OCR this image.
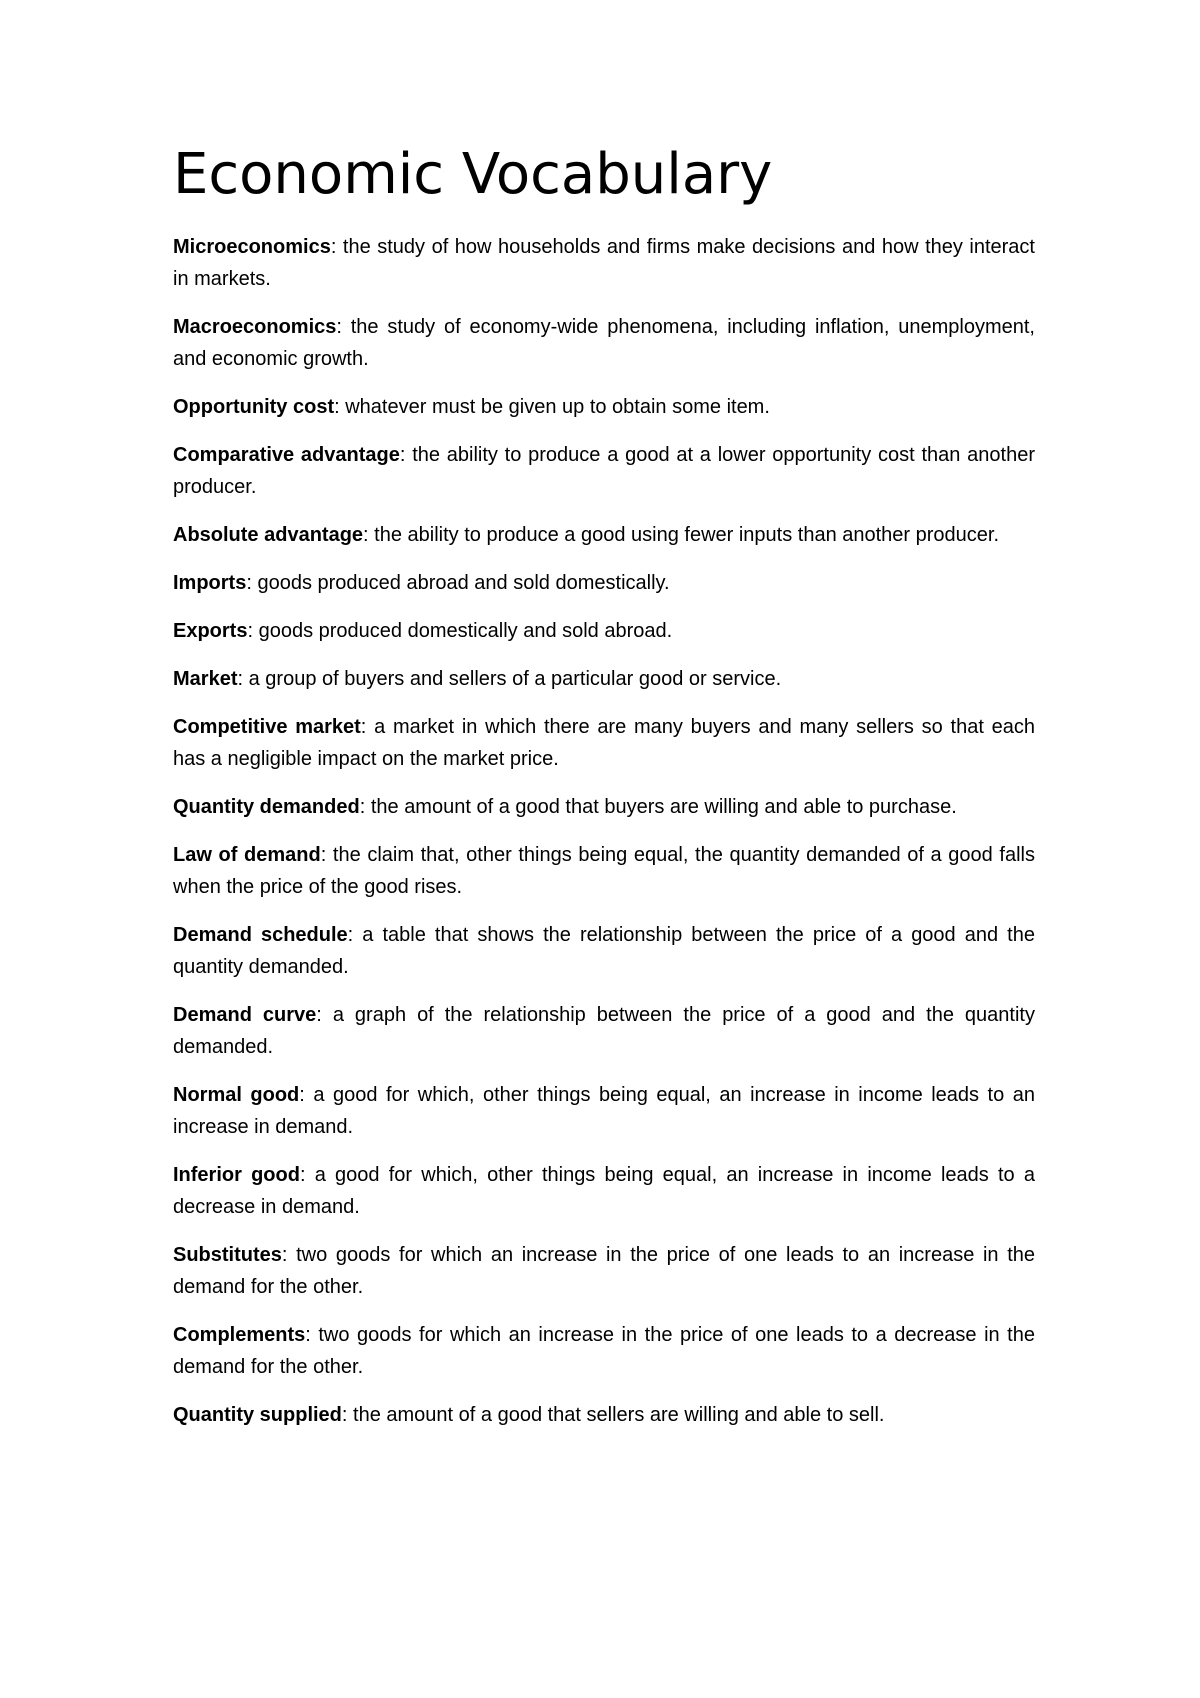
Economic Vocabulary

Microeconomics: the study of how households and firms make decisions and how they interact in markets.

Macroeconomics: the study of economy-wide phenomena, including inflation, unemployment, and economic growth.

Opportunity cost: whatever must be given up to obtain some item.

Comparative advantage: the ability to produce a good at a lower opportunity cost than another producer.

Absolute advantage: the ability to produce a good using fewer inputs than another producer.

Imports: goods produced abroad and sold domestically.

Exports: goods produced domestically and sold abroad.

Market: a group of buyers and sellers of a particular good or service.

Competitive market: a market in which there are many buyers and many sellers so that each has a negligible impact on the market price.

Quantity demanded: the amount of a good that buyers are willing and able to purchase.

Law of demand: the claim that, other things being equal, the quantity demanded of a good falls when the price of the good rises.

Demand schedule: a table that shows the relationship between the price of a good and the quantity demanded.

Demand curve: a graph of the relationship between the price of a good and the quantity demanded.

Normal good: a good for which, other things being equal, an increase in income leads to an increase in demand.

Inferior good: a good for which, other things being equal, an increase in income leads to a decrease in demand.

Substitutes: two goods for which an increase in the price of one leads to an increase in the demand for the other.

Complements: two goods for which an increase in the price of one leads to a decrease in the demand for the other.

Quantity supplied: the amount of a good that sellers are willing and able to sell.
